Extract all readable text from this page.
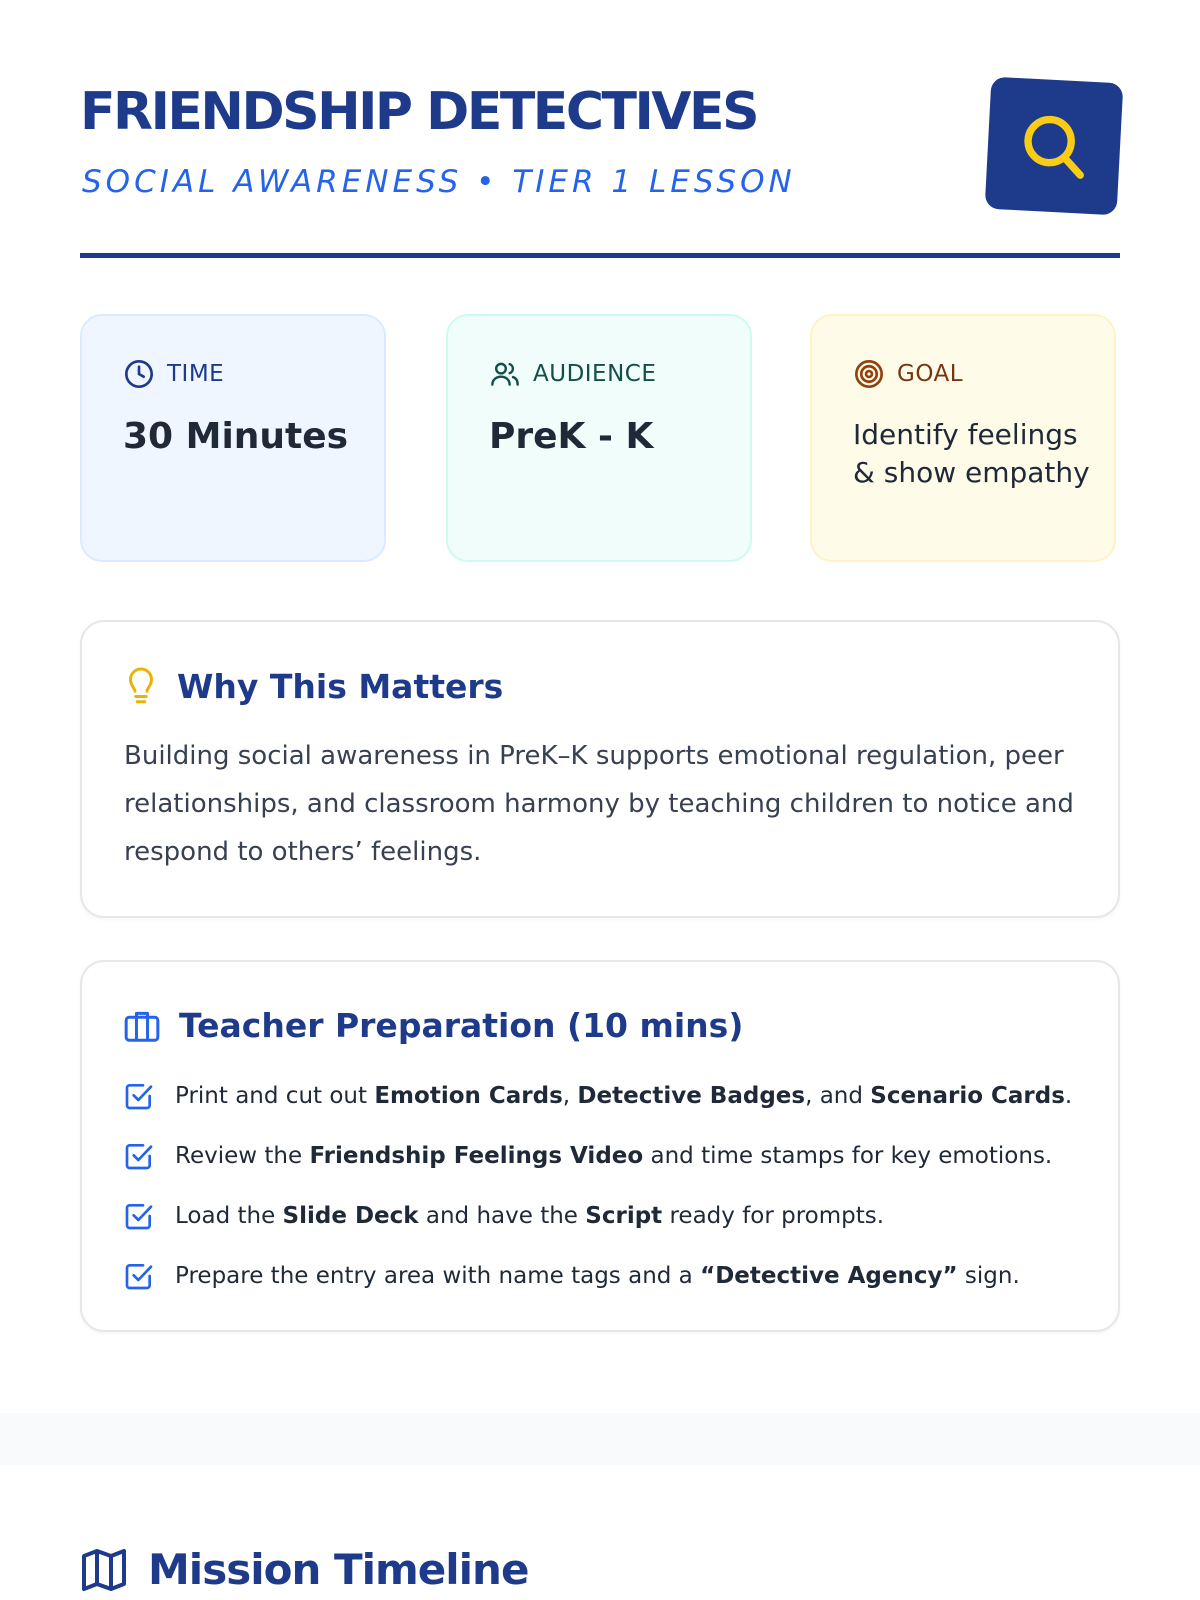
FRIENDSHIP DETECTIVES

SOCIAL AWARENESS • TIER 1 LESSON

TIME

30 Minutes

AUDIENCE

PreK - K

GOAL

Identify feelings & show empathy

Why This Matters

Building social awareness in PreK–K supports emotional regulation, peer relationships, and classroom harmony by teaching children to notice and respond to others’ feelings.

Teacher Preparation (10 mins)
Print and cut out Emotion Cards, Detective Badges, and Scenario Cards.
Review the Friendship Feelings Video and time stamps for key emotions.
Load the Slide Deck and have the Script ready for prompts.
Prepare the entry area with name tags and a “Detective Agency” sign.
Mission Timeline
